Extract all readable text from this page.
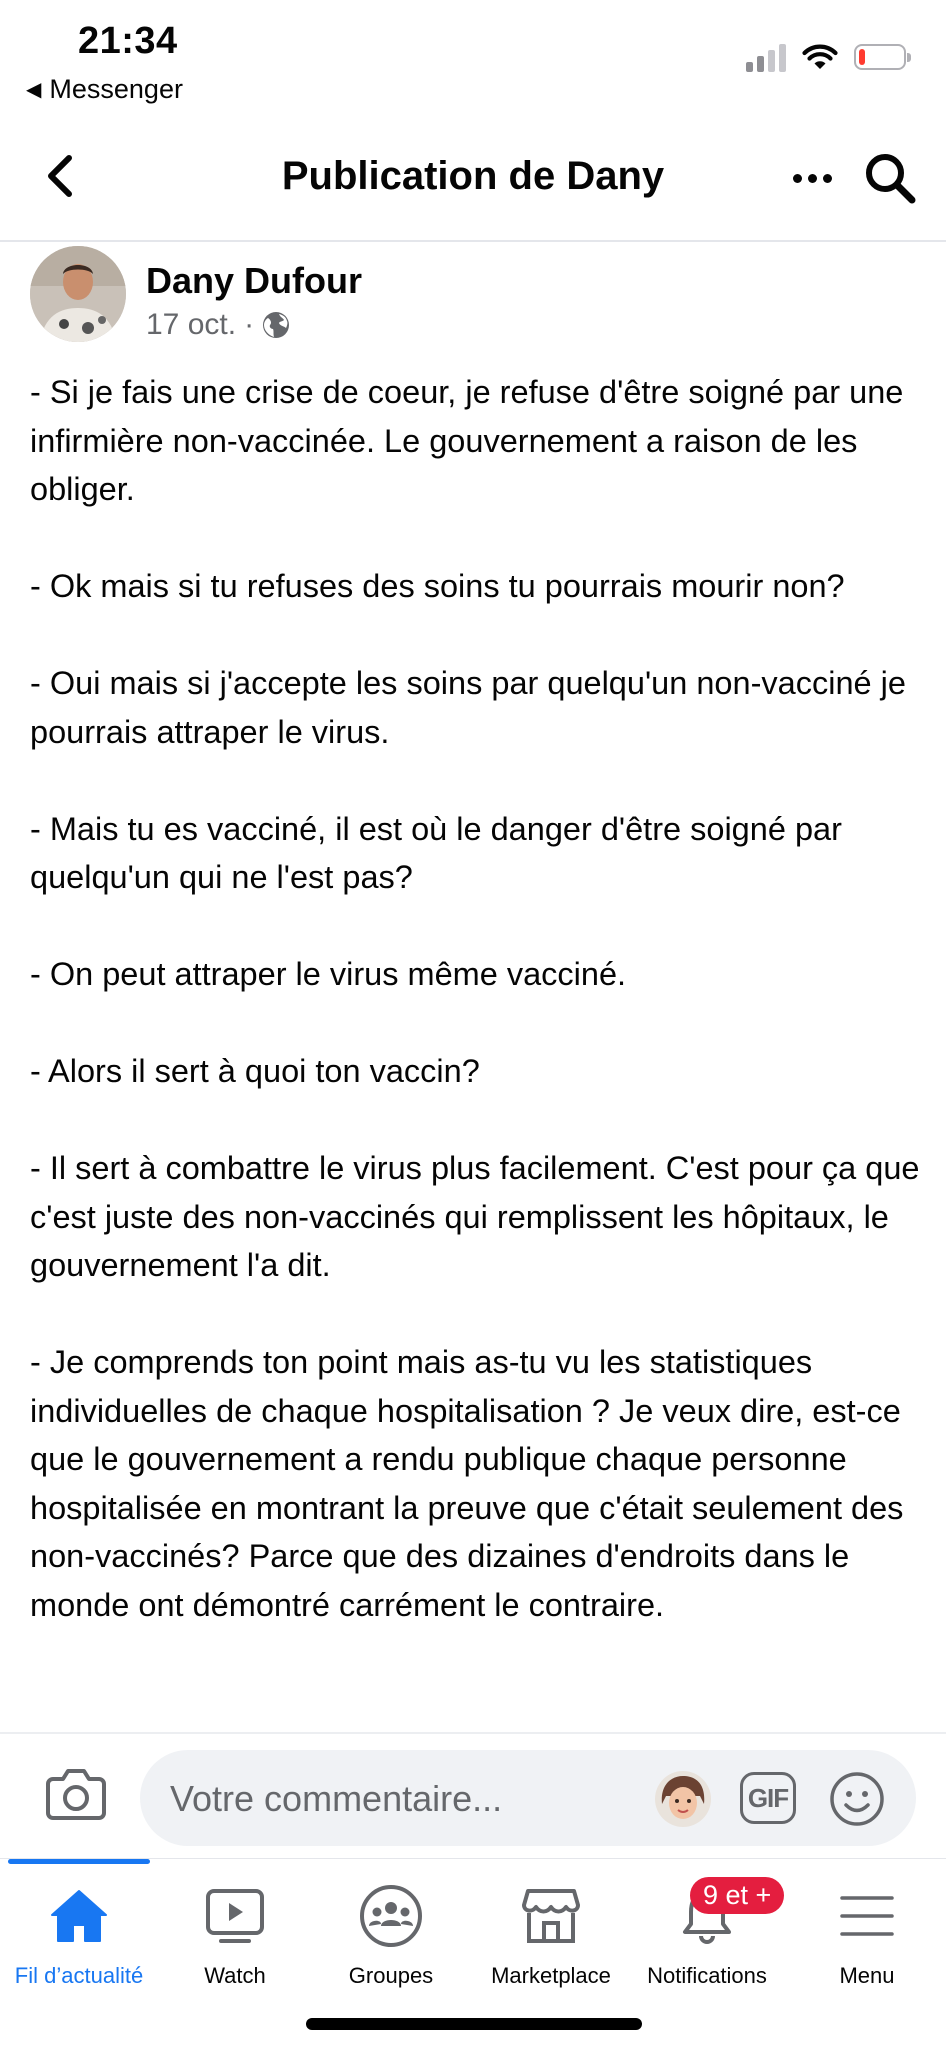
21:34
◀ Messenger
Publication de Dany
Dany Dufour
17 oct. ·

- Si je fais une crise de coeur, je refuse d'être soigné par une infirmière non-vaccinée. Le gouvernement a raison de les obliger.

- Ok mais si tu refuses des soins tu pourrais mourir non?

- Oui mais si j'accepte les soins par quelqu'un non-vacciné je pourrais attraper le virus.

- Mais tu es vacciné, il est où le danger d'être soigné par quelqu'un qui ne l'est pas?

- On peut attraper le virus même vacciné.

- Alors il sert à quoi ton vaccin?

- Il sert à combattre le virus plus facilement. C'est pour ça que c'est juste des non-vaccinés qui remplissent les hôpitaux, le gouvernement l'a dit.

- Je comprends ton point mais as-tu vu les statistiques individuelles de chaque hospitalisation ? Je veux dire, est-ce que le gouvernement a rendu publique chaque personne hospitalisée en montrant la preuve que c'était seulement des non-vaccinés? Parce que des dizaines d'endroits dans le monde ont démontré carrément le contraire.

Votre commentaire...	GIF
Fil d’actualité	Watch	Groupes	Marketplace
9 et +
Notifications	Menu
